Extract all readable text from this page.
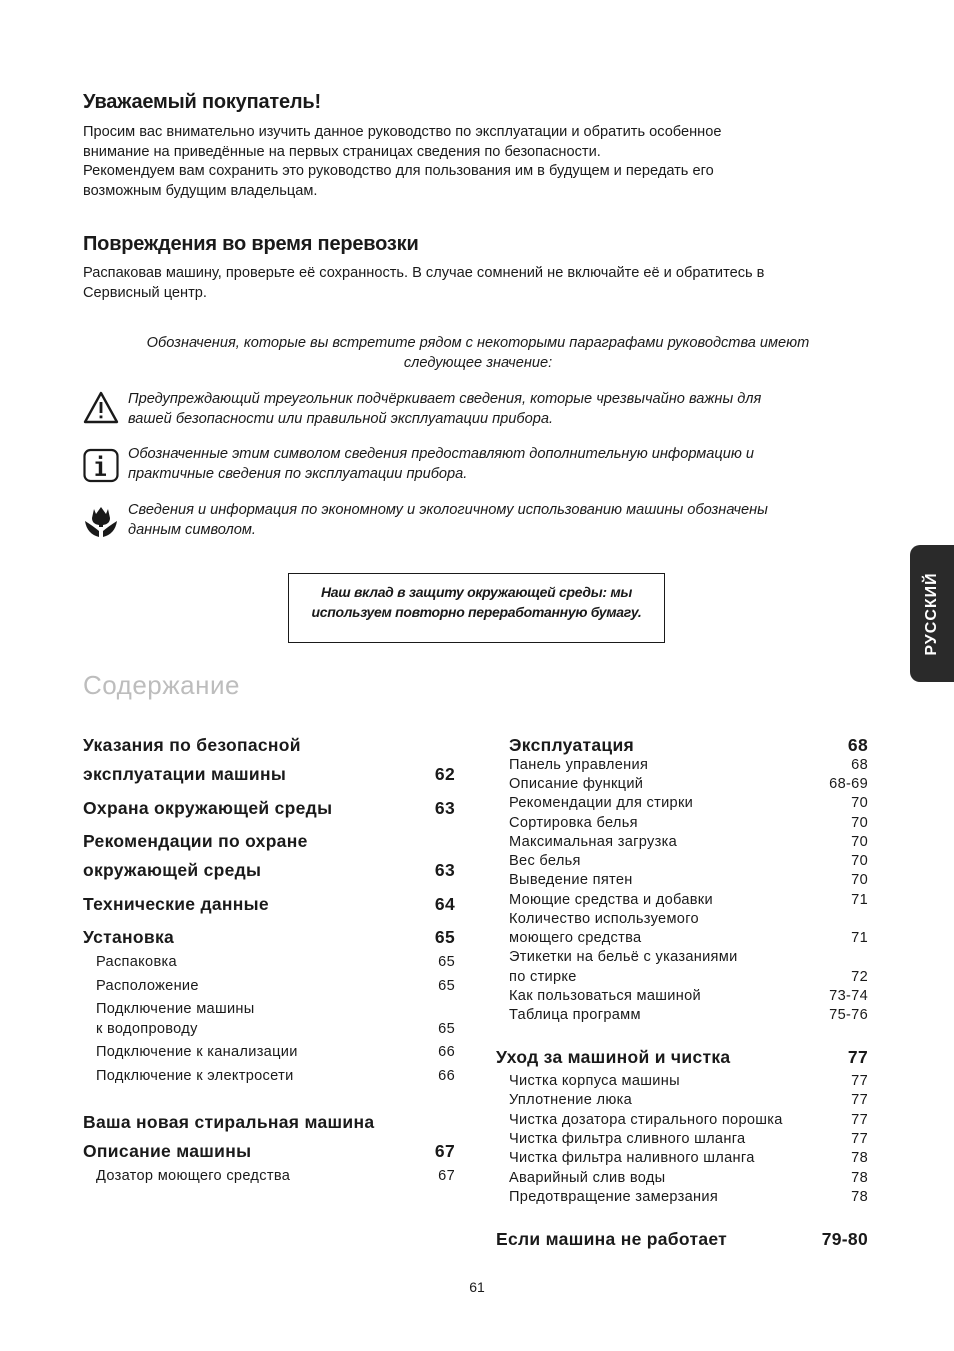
Уважаемый покупатель!
Просим вас внимательно изучить данное руководство по эксплуатации и обратить особенное
внимание на приведённые на первых страницах сведения по безопасности.
Рекомендуем вам сохранить это руководство для пользования им в будущем и передать его
возможным будущим владельцам.
Повреждения во время перевозки
Распаковав машину, проверьте её сохранность. В случае сомнений не включайте её и обратитесь в
Сервисный центр.
Обозначения, которые вы встретите рядом с некоторыми параграфами руководства имеют
следующее значение:
Предупреждающий треугольник подчёркивает сведения, которые чрезвычайно важны для
вашей безопасности или правильной эксплуатации прибора.
Обозначенные этим символом сведения предоставляют дополнительную информацию и
практичные сведения по эксплуатации прибора.
Сведения и информация по экономному и экологичному использованию машины обозначены
данным символом.
Наш вклад в защиту окружающей среды: мы
используем повторно переработанную бумагу.	РУССКИЙ
Содержание
Указания по безопасной
эксплуатации машины	62
Охрана окружающей среды	63
Рекомендации по охране
окружающей среды	63
Технические данные	64
Установка	65
Распаковка	65
Расположение	65
Подключение машины
к водопроводу	65
Подключение к канализации	66
Подключение к электросети	66
Ваша новая стиральная машина
Описание машины	67
Дозатор моющего средства	67
Эксплуатация	68
Панель управления	68
Описание функций	68-69
Рекомендации для стирки	70
Сортировка белья	70
Максимальная загрузка	70
Вес белья	70
Выведение пятен	70
Моющие средства и добавки	71
Количество используемого
моющего средства	71
Этикетки на бельё с указаниями
по стирке	72
Как пользоваться машиной	73-74
Таблица программ	75-76
Уход за машиной и чистка	77
Чистка корпуса машины	77
Уплотнение люка	77
Чистка дозатора стирального порошка	77
Чистка фильтра сливного шланга	77
Чистка фильтра наливного шланга	78
Аварийный слив воды	78
Предотвращение замерзания	78
Если машина не работает	79-80
61
